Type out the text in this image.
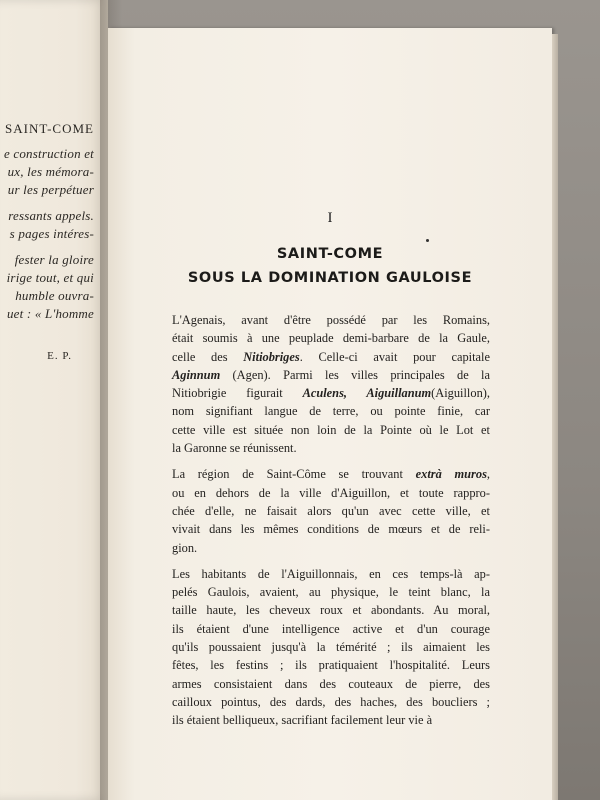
SAINT-COME
e construction et
ux, les mémora-
ur les perpétuer
ressants appels.
s pages intéres-
fester la gloire
irige tout, et qui
humble ouvra-
uet : « L'homme
E. P.
I
SAINT-COME
SOUS LA DOMINATION GAULOISE

L'Agenais, avant d'être possédé par les Romains,
était soumis à une peuplade demi-barbare de la Gaule,
celle des Nitiobriges. Celle-ci avait pour capitale
Aginnum (Agen). Parmi les villes principales de la
Nitiobrigie figurait Aculens, Aiguillanum(Aiguillon),
nom signifiant langue de terre, ou pointe finie, car
cette ville est située non loin de la Pointe où le Lot et
la Garonne se réunissent.

La région de Saint-Côme se trouvant extrà muros,
ou en dehors de la ville d'Aiguillon, et toute rappro-
chée d'elle, ne faisait alors qu'un avec cette ville, et
vivait dans les mêmes conditions de mœurs et de reli-
gion.

Les habitants de l'Aiguillonnais, en ces temps-là ap-
pelés Gaulois, avaient, au physique, le teint blanc, la
taille haute, les cheveux roux et abondants. Au moral,
ils étaient d'une intelligence active et d'un courage
qu'ils poussaient jusqu'à la témérité ; ils aimaient les
fêtes, les festins ; ils pratiquaient l'hospitalité. Leurs
armes consistaient dans des couteaux de pierre, des
cailloux pointus, des dards, des haches, des boucliers ;
ils étaient belliqueux, sacrifiant facilement leur vie à
